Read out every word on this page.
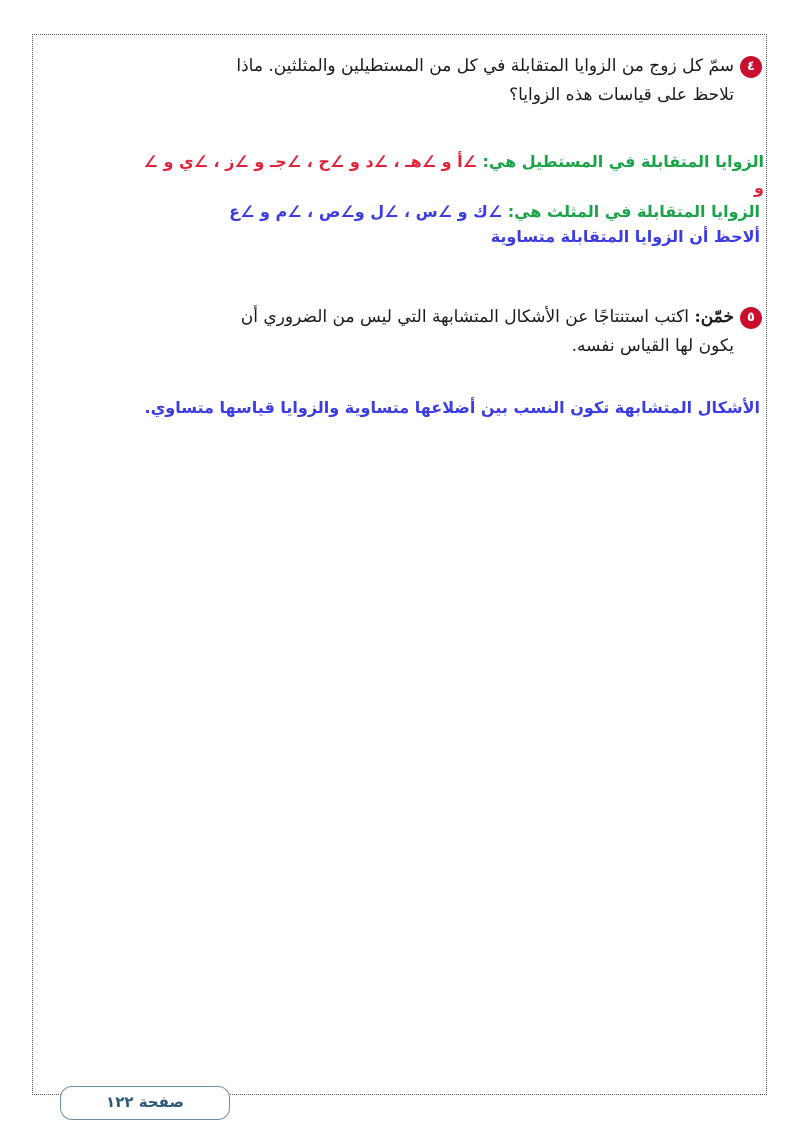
٤سمّ كل زوج من الزوايا المتقابلة في كل من المستطيلين والمثلثين. ماذا
تلاحظ على قياسات هذه الزوايا؟
الزوايا المتقابلة في المستطيل هي: ∠أ و ∠هـ ، ∠د و ∠ح ، ∠جـ و ∠ز ، ∠ي و ∠
و
الزوايا المتقابلة في المثلث هي: ∠ك و ∠س ، ∠ل و∠ص ، ∠م و ∠ع
ألاحظ أن الزوايا المتقابلة متساوية
٥خمّن: اكتب استنتاجًا عن الأشكال المتشابهة التي ليس من الضروري أن
يكون لها القياس نفسه.
الأشكال المتشابهة تكون النسب بين أضلاعها متساوية والزوايا قياسها متساوي.
صفحة ١٢٢
